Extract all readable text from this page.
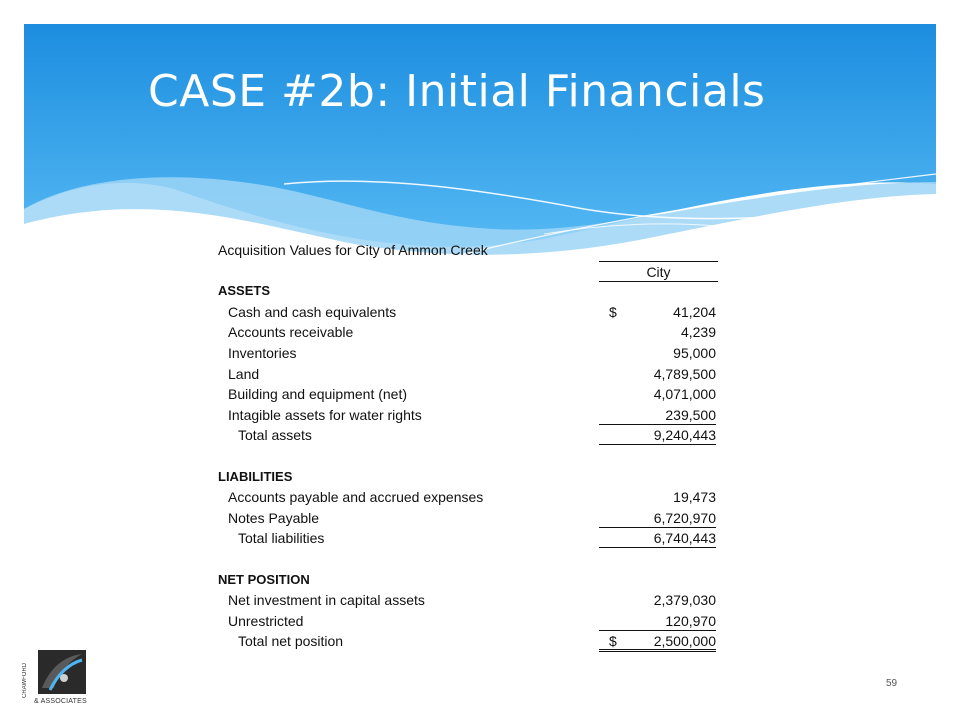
CASE #2b: Initial Financials
Acquisition Values for City of Ammon Creek
City
ASSETS
Cash and cash equivalents	$	41,204
Accounts receivable	4,239
Inventories	95,000
Land	4,789,500
Building and equipment (net)	4,071,000
Intagible assets for water rights	239,500
Total assets	9,240,443
LIABILITIES
Accounts payable and accrued expenses	19,473
Notes Payable	6,720,970
Total liabilities	6,740,443
NET POSITION
Net investment in capital assets	2,379,030
Unrestricted	120,970
Total net position	$	2,500,000
CRAWFORD
& ASSOCIATES
59
